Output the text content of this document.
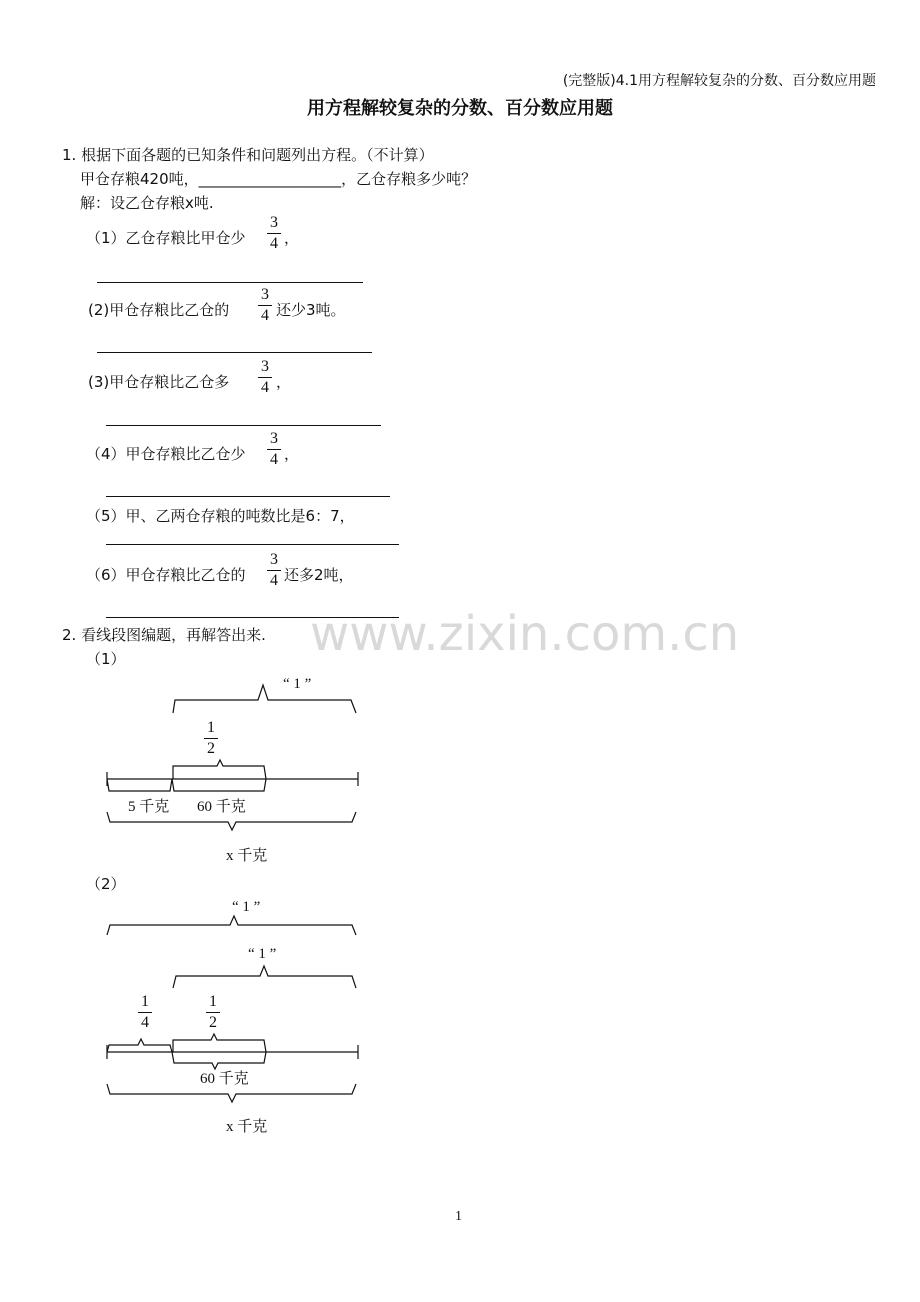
(完整版)4.1用方程解较复杂的分数、百分数应用题
用方程解较复杂的分数、百分数应用题
1. 根据下面各题的已知条件和问题列出方程。（不计算）
甲仓存粮420吨，___________________，乙仓存粮多少吨？
解：设乙仓存粮x吨.
（1）乙仓存粮比甲仓少
3
4 ，
(2)甲仓存粮比乙仓的
3
4 还少3吨。
(3)甲仓存粮比乙仓多
3
4 ，
（4）甲仓存粮比乙仓少
3
4 ，
（5）甲、乙两仓存粮的吨数比是6：7，
（6）甲仓存粮比乙仓的
3
4 还多2吨，
www.zixin.com.cn
2. 看线段图编题，再解答出来.
（1）
“ 1 ”
1
2
5 千克 60 千克
x 千克
（2）
“ 1 ”
“ 1 ”
1
4
1
2
60 千克
x 千克
1
